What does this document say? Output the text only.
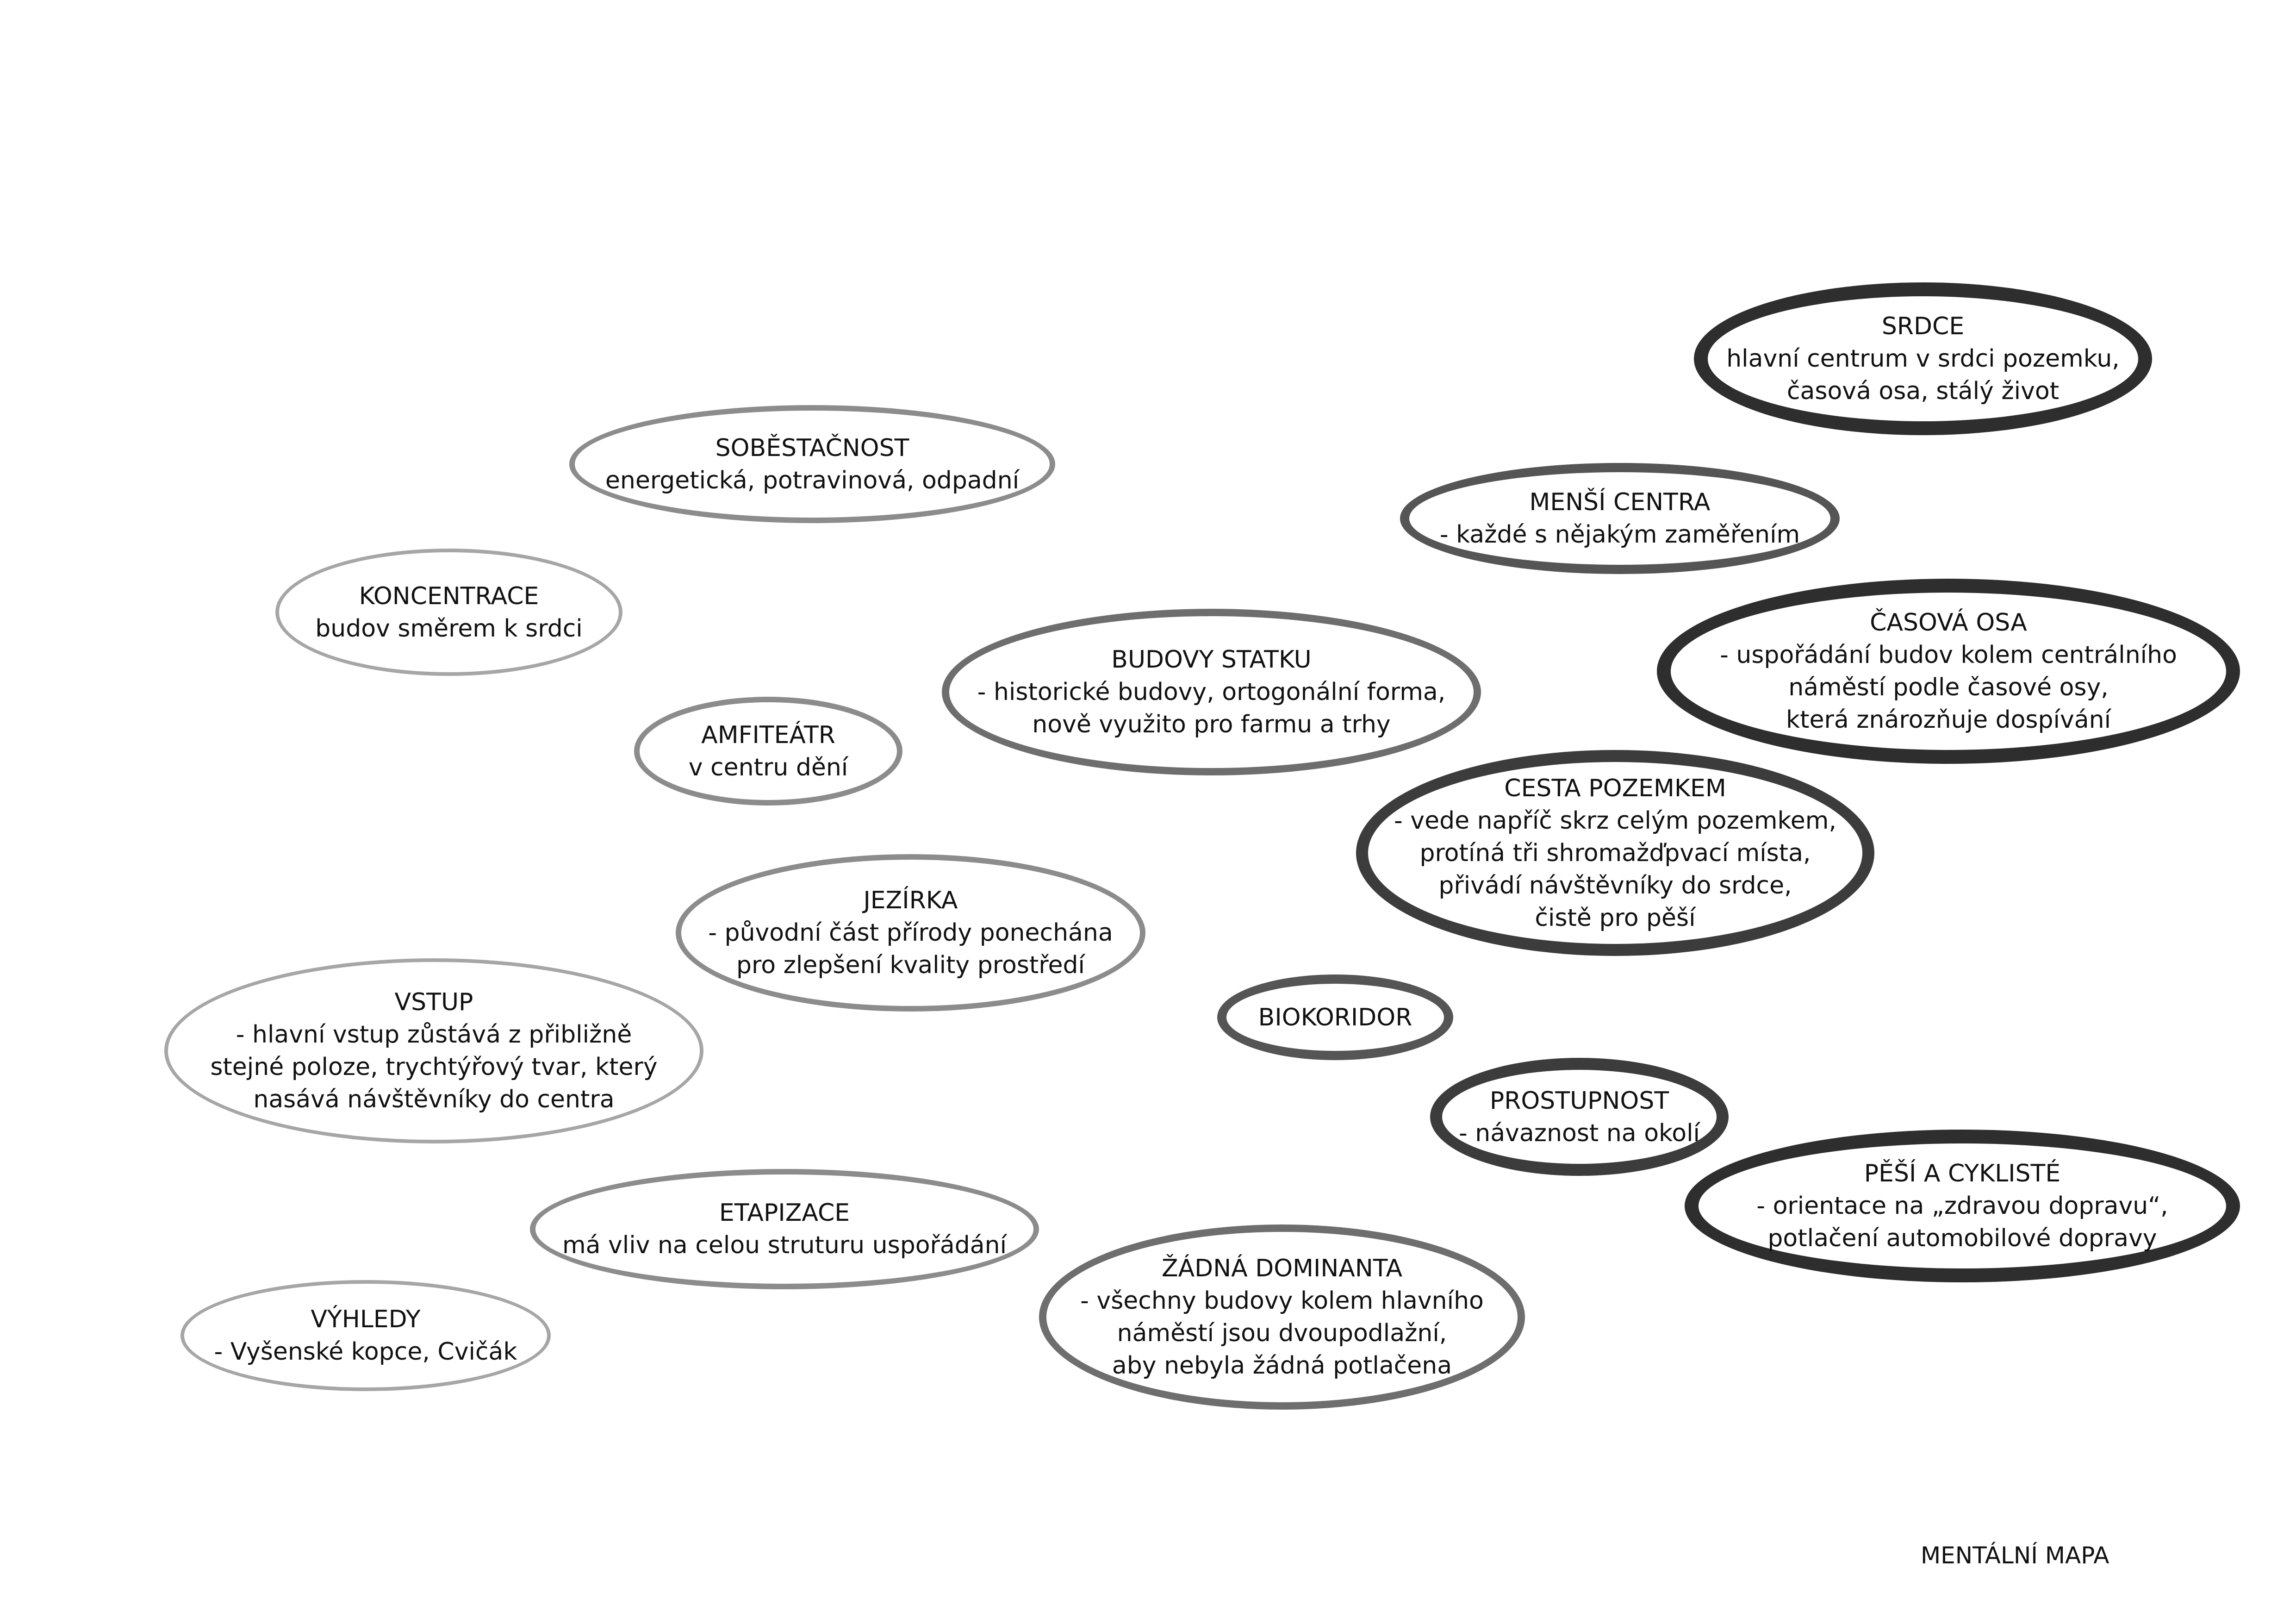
SRDCE
hlavní centrum v srdci pozemku,
časová osa, stálý život
SOBĚSTAČNOST
energetická, potravinová, odpadní
MENŠÍ CENTRA
- každé s nějakým zaměřením
KONCENTRACE
budov směrem k srdci	ČASOVÁ OSA
- uspořádání budov kolem centrálního
náměstí podle časové osy,
která znározňuje dospívání
BUDOVY STATKU
- historické budovy, ortogonální forma,
nově využito pro farmu a trhy
AMFITEÁTR
v centru dění
CESTA POZEMKEM
- vede napříč skrz celým pozemkem,
protíná tři shromažďpvací místa,
přivádí návštěvníky do srdce,
čistě pro pěší
JEZÍRKA
- původní část přírody ponechána
pro zlepšení kvality prostředí
VSTUP
- hlavní vstup zůstává z přibližně
stejné poloze, trychtýřový tvar, který
nasává návštěvníky do centra
BIOKORIDOR
PROSTUPNOST
- návaznost na okolí
PĚŠÍ A CYKLISTÉ
- orientace na „zdravou dopravu“,
potlačení automobilové dopravy
ETAPIZACE
má vliv na celou struturu uspořádání
ŽÁDNÁ DOMINANTA
- všechny budovy kolem hlavního
náměstí jsou dvoupodlažní,
aby nebyla žádná potlačena
VÝHLEDY
- Vyšenské kopce, Cvičák
MENTÁLNÍ MAPA
